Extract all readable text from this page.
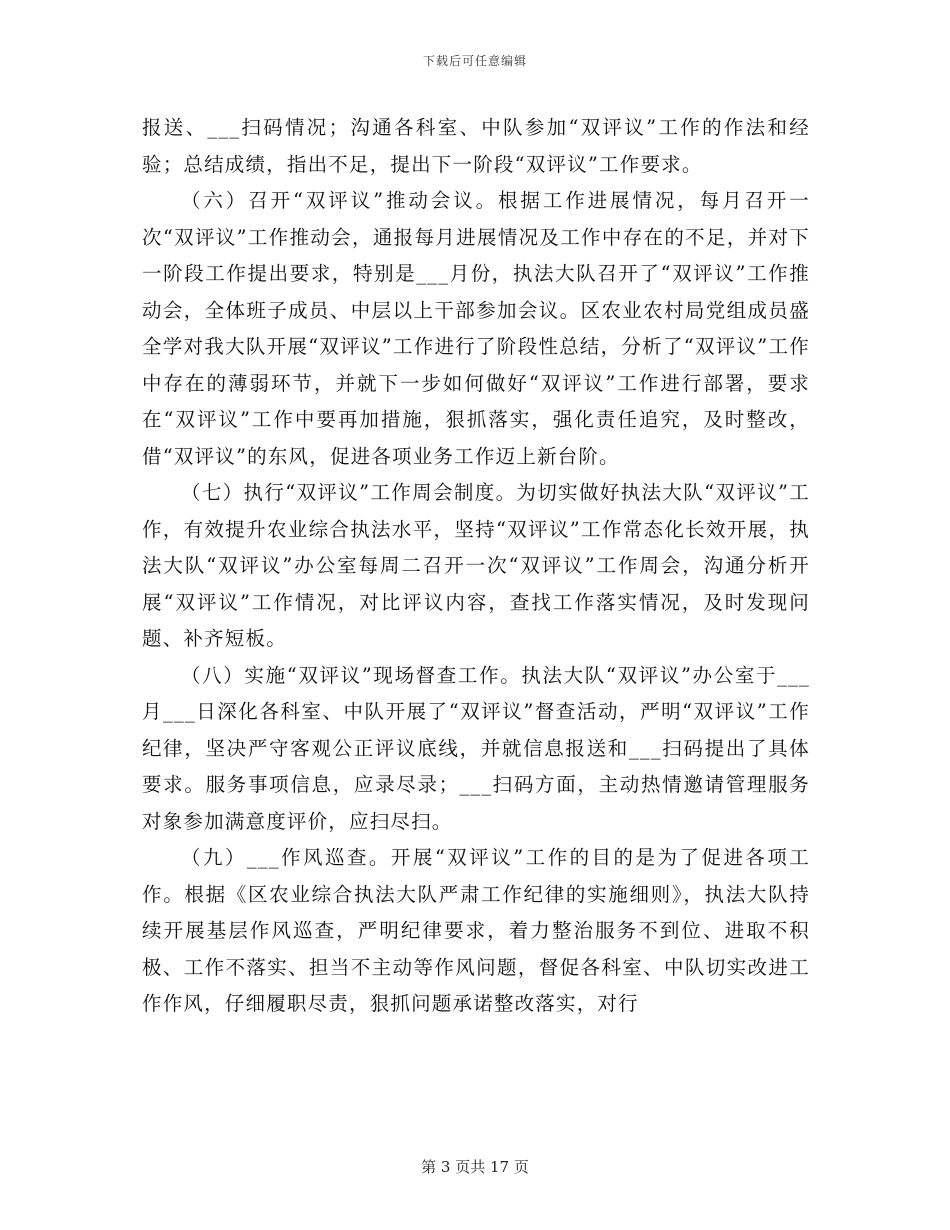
下载后可任意编辑

报送、___扫码情况；沟通各科室、中队参加“双评议”工作的作法和经验；总结成绩，指出不足，提出下一阶段“双评议”工作要求。

（六）召开“双评议”推动会议。根据工作进展情况，每月召开一次“双评议”工作推动会，通报每月进展情况及工作中存在的不足，并对下一阶段工作提出要求，特别是___月份，执法大队召开了“双评议”工作推动会，全体班子成员、中层以上干部参加会议。区农业农村局党组成员盛全学对我大队开展“双评议”工作进行了阶段性总结，分析了“双评议”工作中存在的薄弱环节，并就下一步如何做好“双评议”工作进行部署，要求在“双评议”工作中要再加措施，狠抓落实，强化责任追究，及时整改，借“双评议”的东风，促进各项业务工作迈上新台阶。

（七）执行“双评议”工作周会制度。为切实做好执法大队“双评议”工作，有效提升农业综合执法水平，坚持“双评议”工作常态化长效开展，执法大队“双评议”办公室每周二召开一次“双评议”工作周会，沟通分析开展“双评议”工作情况，对比评议内容，查找工作落实情况，及时发现问题、补齐短板。

（八）实施“双评议”现场督查工作。执法大队“双评议”办公室于___月___日深化各科室、中队开展了“双评议”督查活动，严明“双评议”工作纪律，坚决严守客观公正评议底线，并就信息报送和___扫码提出了具体要求。服务事项信息，应录尽录；___扫码方面，主动热情邀请管理服务对象参加满意度评价，应扫尽扫。

（九）___作风巡查。开展“双评议”工作的目的是为了促进各项工作。根据《区农业综合执法大队严肃工作纪律的实施细则》，执法大队持续开展基层作风巡查，严明纪律要求，着力整治服务不到位、进取不积极、工作不落实、担当不主动等作风问题，督促各科室、中队切实改进工作作风，仔细履职尽责，狠抓问题承诺整改落实，对行

第 3 页共 17 页
